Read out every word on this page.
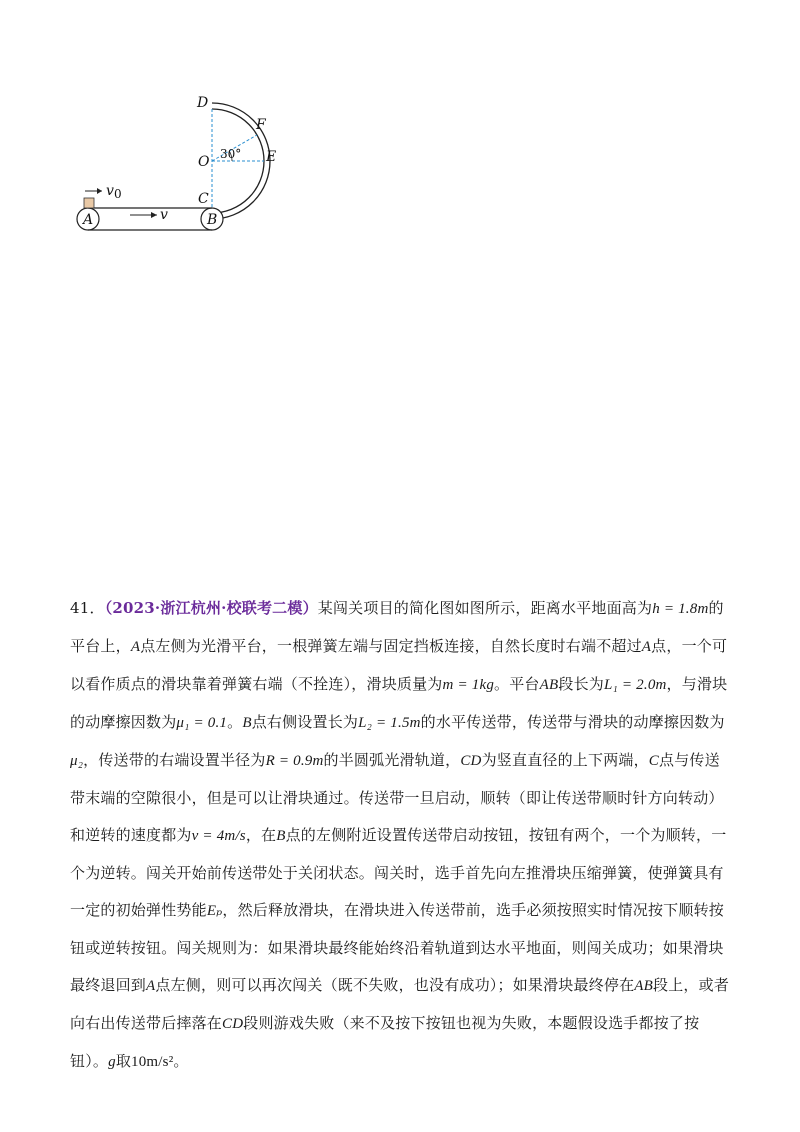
D
F
O	E
C
A	B
v 0
v
30°

41．（2023·浙江杭州·校联考二模）某闯关项目的简化图如图所示，距离水平地面高为h = 1.8m的平台上，A点左侧为光滑平台，一根弹簧左端与固定挡板连接，自然长度时右端不超过A点，一个可以看作质点的滑块靠着弹簧右端（不拴连），滑块质量为m = 1kg。平台AB段长为L₁ = 2.0m，与滑块的动摩擦因数为μ₁ = 0.1。B点右侧设置长为L₂ = 1.5m的水平传送带，传送带与滑块的动摩擦因数为μ₂，传送带的右端设置半径为R = 0.9m的半圆弧光滑轨道，CD为竖直直径的上下两端，C点与传送带末端的空隙很小，但是可以让滑块通过。传送带一旦启动，顺转（即让传送带顺时针方向转动）和逆转的速度都为v = 4m/s，在B点的左侧附近设置传送带启动按钮，按钮有两个，一个为顺转，一个为逆转。闯关开始前传送带处于关闭状态。闯关时，选手首先向左推滑块压缩弹簧，使弹簧具有一定的初始弹性势能Eₚ，然后释放滑块，在滑块进入传送带前，选手必须按照实时情况按下顺转按钮或逆转按钮。闯关规则为：如果滑块最终能始终沿着轨道到达水平地面，则闯关成功；如果滑块最终退回到A点左侧，则可以再次闯关（既不失败，也没有成功）；如果滑块最终停在AB段上，或者向右出传送带后摔落在CD段则游戏失败（来不及按下按钮也视为失败，本题假设选手都按了按钮）。g取10m/s²。
